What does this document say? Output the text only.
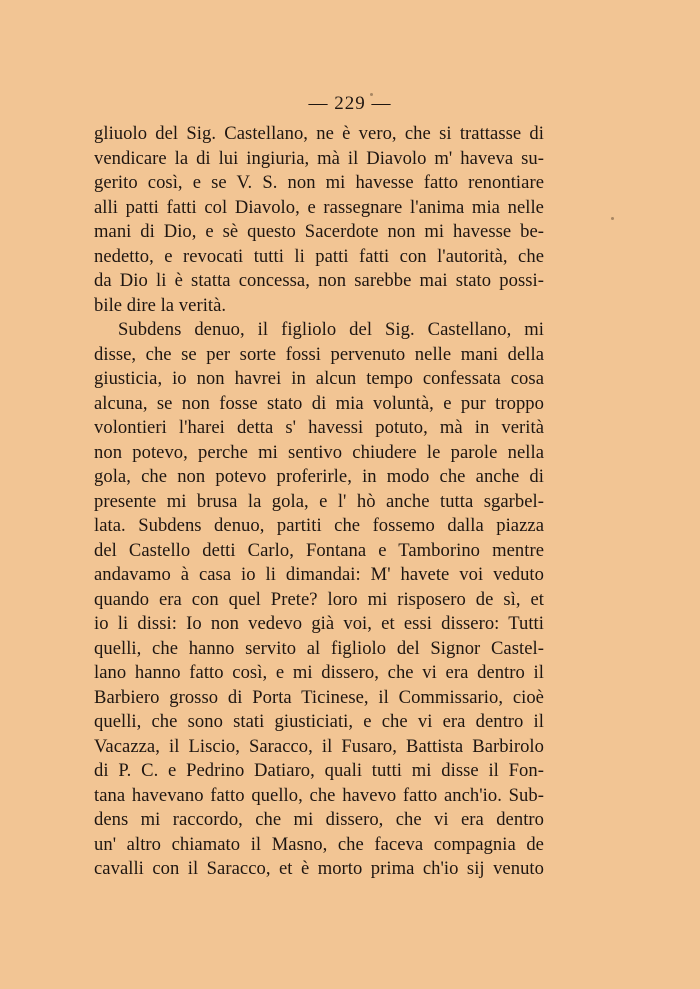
— 229 —
gliuolo del Sig. Castellano, ne è vero, che si trattasse di
vendicare la di lui ingiuria, mà il Diavolo m' haveva su-
gerito così, e se V. S. non mi havesse fatto renontiare
alli patti fatti col Diavolo, e rassegnare l'anima mia nelle
mani di Dio, e sè questo Sacerdote non mi havesse be-
nedetto, e revocati tutti li patti fatti con l'autorità, che
da Dio li è statta concessa, non sarebbe mai stato possi-
bile dire la verità.
Subdens denuo, il figliolo del Sig. Castellano, mi
disse, che se per sorte fossi pervenuto nelle mani della
giusticia, io non havrei in alcun tempo confessata cosa
alcuna, se non fosse stato di mia voluntà, e pur troppo
volontieri l'harei detta s' havessi potuto, mà in verità
non potevo, perche mi sentivo chiudere le parole nella
gola, che non potevo proferirle, in modo che anche di
presente mi brusa la gola, e l' hò anche tutta sgarbel-
lata. Subdens denuo, partiti che fossemo dalla piazza
del Castello detti Carlo, Fontana e Tamborino mentre
andavamo à casa io li dimandai: M' havete voi veduto
quando era con quel Prete? loro mi risposero de sì, et
io li dissi: Io non vedevo già voi, et essi dissero: Tutti
quelli, che hanno servito al figliolo del Signor Castel-
lano hanno fatto così, e mi dissero, che vi era dentro il
Barbiero grosso di Porta Ticinese, il Commissario, cioè
quelli, che sono stati giusticiati, e che vi era dentro il
Vacazza, il Liscio, Saracco, il Fusaro, Battista Barbirolo
di P. C. e Pedrino Datiaro, quali tutti mi disse il Fon-
tana havevano fatto quello, che havevo fatto anch'io. Sub-
dens mi raccordo, che mi dissero, che vi era dentro
un' altro chiamato il Masno, che faceva compagnia de
cavalli con il Saracco, et è morto prima ch'io sij venuto
